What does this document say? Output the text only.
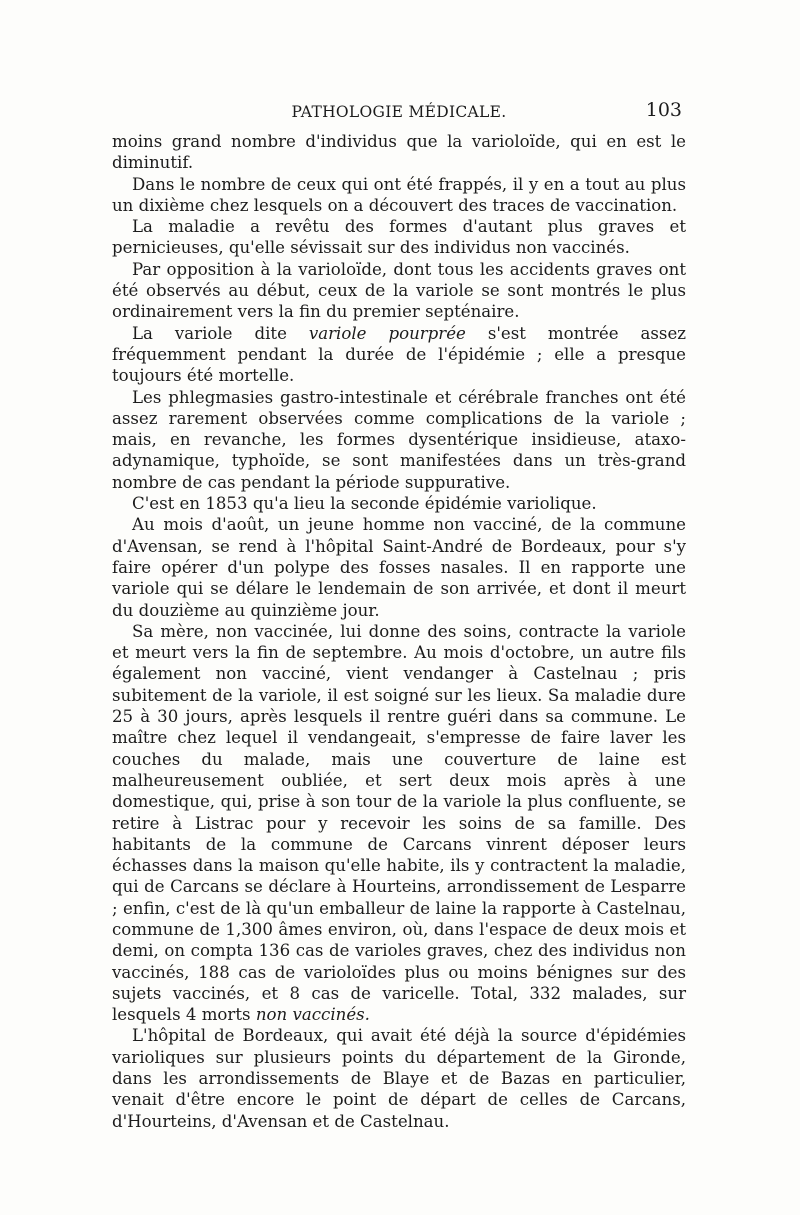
PATHOLOGIE MÉDICALE.	103

moins grand nombre d'individus que la varioloïde, qui en est le diminutif.

Dans le nombre de ceux qui ont été frappés, il y en a tout au plus un dixième chez lesquels on a découvert des traces de vaccination.

La maladie a revêtu des formes d'autant plus graves et pernicieuses, qu'elle sévissait sur des individus non vaccinés.

Par opposition à la varioloïde, dont tous les accidents graves ont été observés au début, ceux de la variole se sont montrés le plus ordinairement vers la fin du premier septénaire.

La variole dite variole pourprée s'est montrée assez fréquemment pendant la durée de l'épidémie ; elle a presque toujours été mortelle.

Les phlegmasies gastro-intestinale et cérébrale franches ont été assez rarement observées comme complications de la variole ; mais, en revanche, les formes dysentérique insidieuse, ataxo-adynamique, typhoïde, se sont manifestées dans un très-grand nombre de cas pendant la période suppurative.

C'est en 1853 qu'a lieu la seconde épidémie variolique.

Au mois d'août, un jeune homme non vacciné, de la commune d'Avensan, se rend à l'hôpital Saint-André de Bordeaux, pour s'y faire opérer d'un polype des fosses nasales. Il en rapporte une variole qui se délare le lendemain de son arrivée, et dont il meurt du douzième au quinzième jour.

Sa mère, non vaccinée, lui donne des soins, contracte la variole et meurt vers la fin de septembre. Au mois d'octobre, un autre fils également non vacciné, vient vendanger à Castelnau ; pris subitement de la variole, il est soigné sur les lieux. Sa maladie dure 25 à 30 jours, après lesquels il rentre guéri dans sa commune. Le maître chez lequel il vendangeait, s'empresse de faire laver les couches du malade, mais une couverture de laine est malheureusement oubliée, et sert deux mois après à une domestique, qui, prise à son tour de la variole la plus confluente, se retire à Listrac pour y recevoir les soins de sa famille. Des habitants de la commune de Carcans vinrent déposer leurs échasses dans la maison qu'elle habite, ils y contractent la maladie, qui de Carcans se déclare à Hourteins, arrondissement de Lesparre ; enfin, c'est de là qu'un emballeur de laine la rapporte à Castelnau, commune de 1,300 âmes environ, où, dans l'espace de deux mois et demi, on compta 136 cas de varioles graves, chez des individus non vaccinés, 188 cas de varioloïdes plus ou moins bénignes sur des sujets vaccinés, et 8 cas de varicelle. Total, 332 malades, sur lesquels 4 morts non vaccinés.

L'hôpital de Bordeaux, qui avait été déjà la source d'épidémies varioliques sur plusieurs points du département de la Gironde, dans les arrondissements de Blaye et de Bazas en particulier, venait d'être encore le point de départ de celles de Carcans, d'Hourteins, d'Avensan et de Castelnau.
